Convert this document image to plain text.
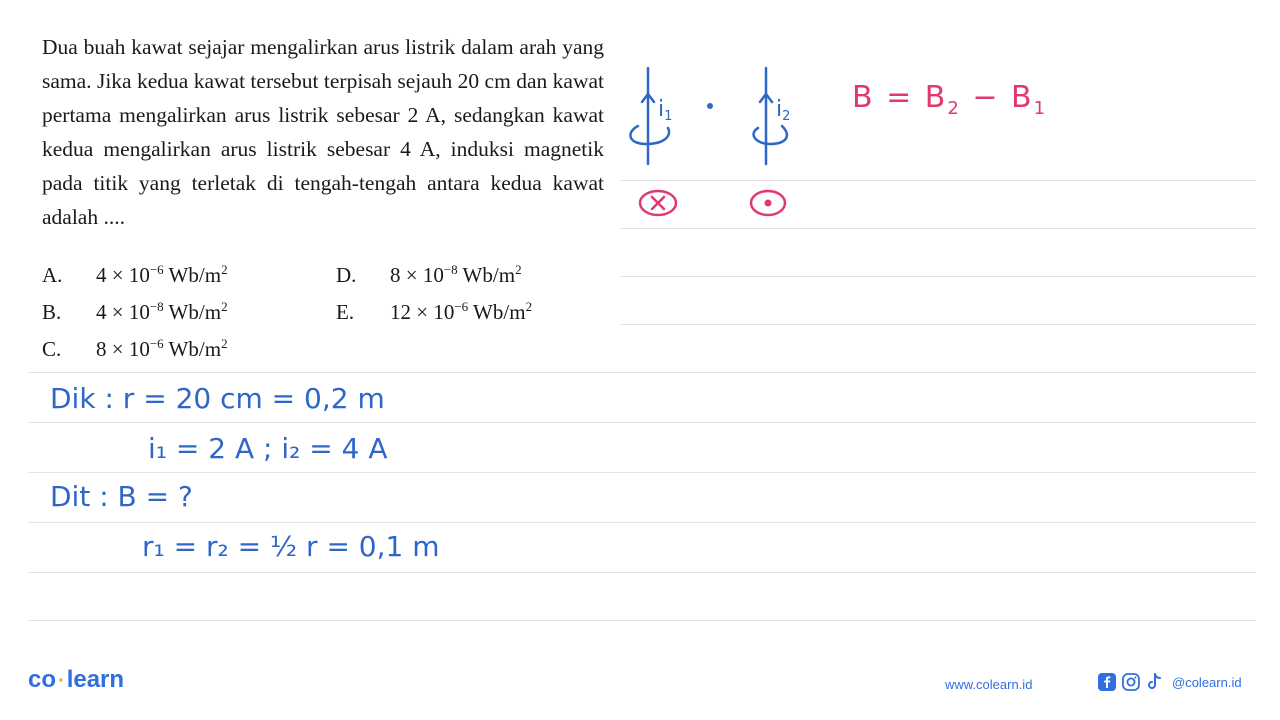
Dua buah kawat sejajar mengalirkan arus listrik dalam arah yang sama. Jika kedua kawat tersebut terpisah sejauh 20 cm dan kawat pertama mengalirkan arus listrik sebesar 2 A, sedangkan kawat kedua mengalirkan arus listrik sebesar 4 A, induksi magnetik pada titik yang terletak di tengah-tengah antara kedua kawat adalah ....
A. $4 \times 10^{-6}$ $Wb/m^2$
B. $4 \times 10^{-8}$ $Wb/m^2$
C. $8 \times 10^{-6}$ $Wb/m^2$
D. $8 \times 10^{-8}$ $Wb/m^2$
E. $12 \times 10^{-6}$ $Wb/m^2$
i1	i2
$B = B_2 - B_1$
Dik : r = 20 cm = 0,2 m
i₁ = 2 A ; i₂ = 4 A
Dit : B = ?
r₁ = r₂ = ½ r = 0,1 m
co ·learn	www.colearn.id	@colearn.id
